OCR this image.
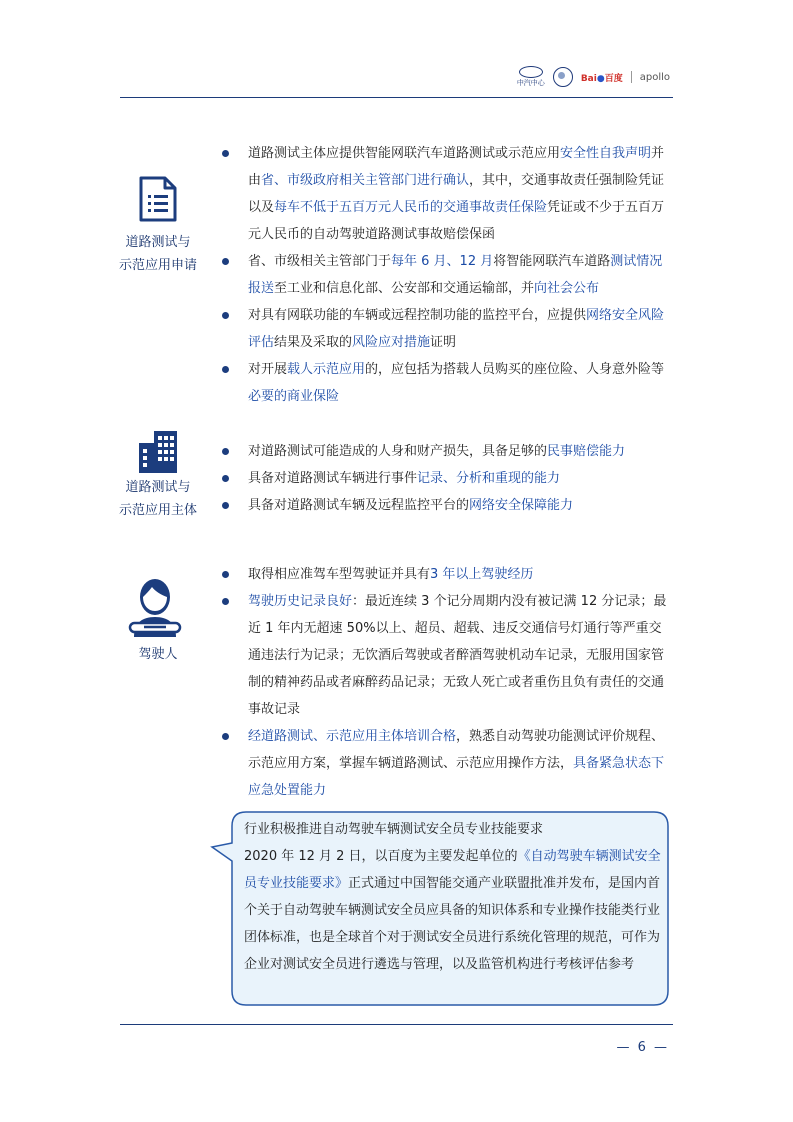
中汽中心	Bai●百度 apollo
道路测试与
示范应用申请
道路测试主体应提供智能网联汽车道路测试或示范应用安全性自我声明并由省、市级政府相关主管部门进行确认，其中，交通事故责任强制险凭证以及每车不低于五百万元人民币的交通事故责任保险凭证或不少于五百万元人民币的自动驾驶道路测试事故赔偿保函
省、市级相关主管部门于每年 6 月、12 月将智能网联汽车道路测试情况报送至工业和信息化部、公安部和交通运输部，并向社会公布
对具有网联功能的车辆或远程控制功能的监控平台，应提供网络安全风险评估结果及采取的风险应对措施证明
对开展载人示范应用的，应包括为搭载人员购买的座位险、人身意外险等必要的商业保险
道路测试与
示范应用主体
对道路测试可能造成的人身和财产损失，具备足够的民事赔偿能力
具备对道路测试车辆进行事件记录、分析和重现的能力
具备对道路测试车辆及远程监控平台的网络安全保障能力
驾驶人
取得相应准驾车型驾驶证并具有3 年以上驾驶经历
驾驶历史记录良好：最近连续 3 个记分周期内没有被记满 12 分记录；最近 1 年内无超速 50%以上、超员、超载、违反交通信号灯通行等严重交通违法行为记录；无饮酒后驾驶或者醉酒驾驶机动车记录，无服用国家管制的精神药品或者麻醉药品记录；无致人死亡或者重伤且负有责任的交通事故记录
经道路测试、示范应用主体培训合格，熟悉自动驾驶功能测试评价规程、示范应用方案，掌握车辆道路测试、示范应用操作方法，具备紧急状态下应急处置能力
行业积极推进自动驾驶车辆测试安全员专业技能要求
2020 年 12 月 2 日，以百度为主要发起单位的《自动驾驶车辆测试安全员专业技能要求》正式通过中国智能交通产业联盟批准并发布，是国内首个关于自动驾驶车辆测试安全员应具备的知识体系和专业操作技能类行业团体标准，也是全球首个对于测试安全员进行系统化管理的规范，可作为企业对测试安全员进行遴选与管理，以及监管机构进行考核评估参考
— 6 —
